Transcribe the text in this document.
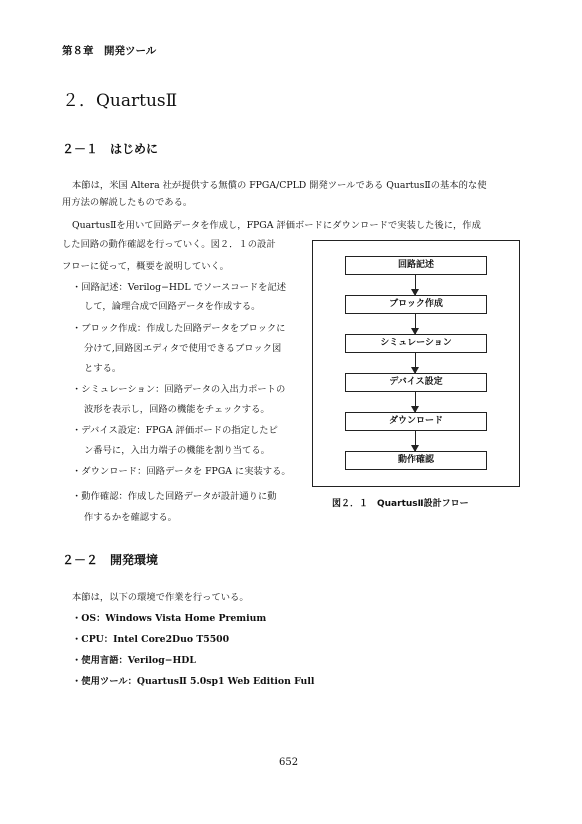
第８章　開発ツール
２．QuartusⅡ
２－１　はじめに
本節は，米国 Altera 社が提供する無償の FPGA/CPLD 開発ツールである QuartusⅡの基本的な使
用方法の解説したものである。
QuartusⅡを用いて回路データを作成し，FPGA 評価ボードにダウンロードで実装した後に，作成
した回路の動作確認を行っていく。図２．１の設計
フローに従って，概要を説明していく。
・回路記述：Verilog−HDL でソースコードを記述
して，論理合成で回路データを作成する。
・ブロック作成：作成した回路データをブロックに
分けて,回路図エディタで使用できるブロック図
とする。
・シミュレーション：回路データの入出力ポートの
波形を表示し，回路の機能をチェックする。
・デバイス設定：FPGA 評価ボードの指定したピ
ン番号に，入出力端子の機能を割り当てる。
・ダウンロード：回路データを FPGA に実装する。
・動作確認：作成した回路データが設計通りに動
作するかを確認する。
回路記述
ブロック作成
シミュレーション
デバイス設定
ダウンロード
動作確認
図２．１　QuartusⅡ設計フロー
２－２　開発環境
本節は，以下の環境で作業を行っている。
・OS：Windows Vista Home Premium
・CPU：Intel Core2Duo T5500
・使用言語：Verilog−HDL
・使用ツール：QuartusⅡ 5.0sp1 Web Edition Full
652
